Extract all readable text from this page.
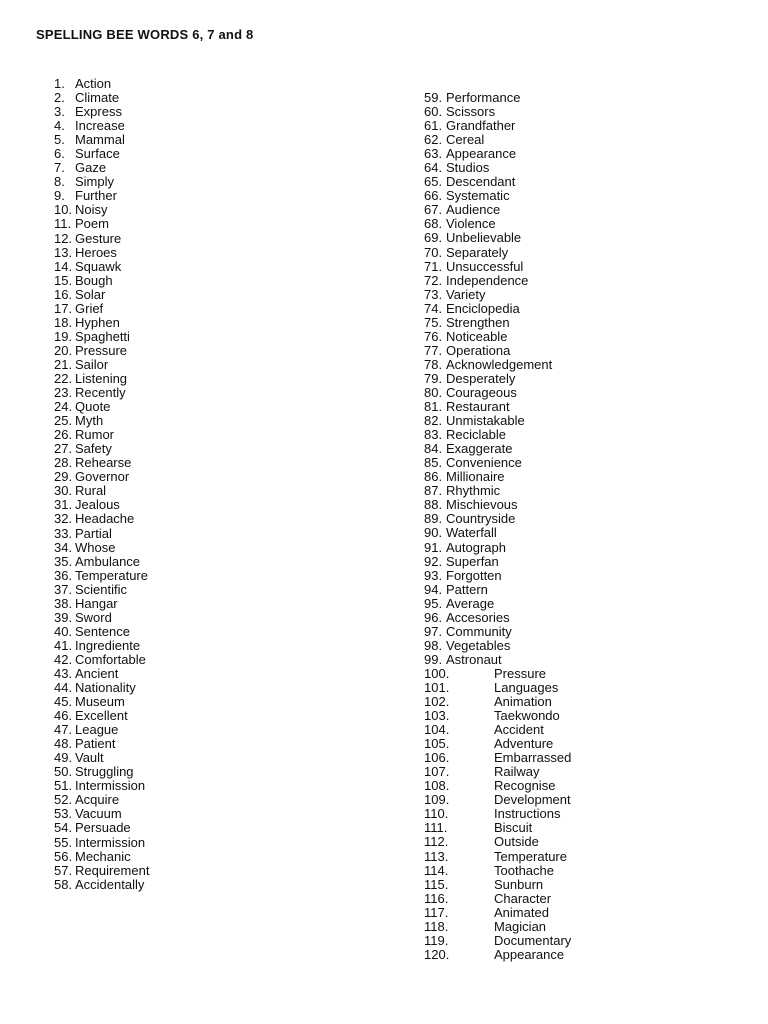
SPELLING BEE WORDS 6, 7 and 8
1. Action
2. Climate
3. Express
4. Increase
5. Mammal
6. Surface
7. Gaze
8. Simply
9. Further
10. Noisy
11. Poem
12. Gesture
13. Heroes
14. Squawk
15. Bough
16. Solar
17. Grief
18. Hyphen
19. Spaghetti
20. Pressure
21. Sailor
22. Listening
23. Recently
24. Quote
25. Myth
26. Rumor
27. Safety
28. Rehearse
29. Governor
30. Rural
31. Jealous
32. Headache
33. Partial
34. Whose
35. Ambulance
36. Temperature
37. Scientific
38. Hangar
39. Sword
40. Sentence
41. Ingrediente
42. Comfortable
43. Ancient
44. Nationality
45. Museum
46. Excellent
47. League
48. Patient
49. Vault
50. Struggling
51. Intermission
52. Acquire
53. Vacuum
54. Persuade
55. Intermission
56. Mechanic
57. Requirement
58. Accidentally
59. Performance
60. Scissors
61. Grandfather
62. Cereal
63. Appearance
64. Studios
65. Descendant
66. Systematic
67. Audience
68. Violence
69. Unbelievable
70. Separately
71. Unsuccessful
72. Independence
73. Variety
74. Enciclopedia
75. Strengthen
76. Noticeable
77. Operationa
78. Acknowledgement
79. Desperately
80. Courageous
81. Restaurant
82. Unmistakable
83. Reciclable
84. Exaggerate
85. Convenience
86. Millionaire
87. Rhythmic
88. Mischievous
89. Countryside
90. Waterfall
91. Autograph
92. Superfan
93. Forgotten
94. Pattern
95. Average
96. Accesories
97. Community
98. Vegetables
99. Astronaut
100.	Pressure
101.	Languages
102.	Animation
103.	Taekwondo
104.	Accident
105.	Adventure
106.	Embarrassed
107.	Railway
108.	Recognise
109.	Development
110.	Instructions
111.	Biscuit
112.	Outside
113.	Temperature
114.	Toothache
115.	Sunburn
116.	Character
117.	Animated
118.	Magician
119.	Documentary
120.	Appearance
